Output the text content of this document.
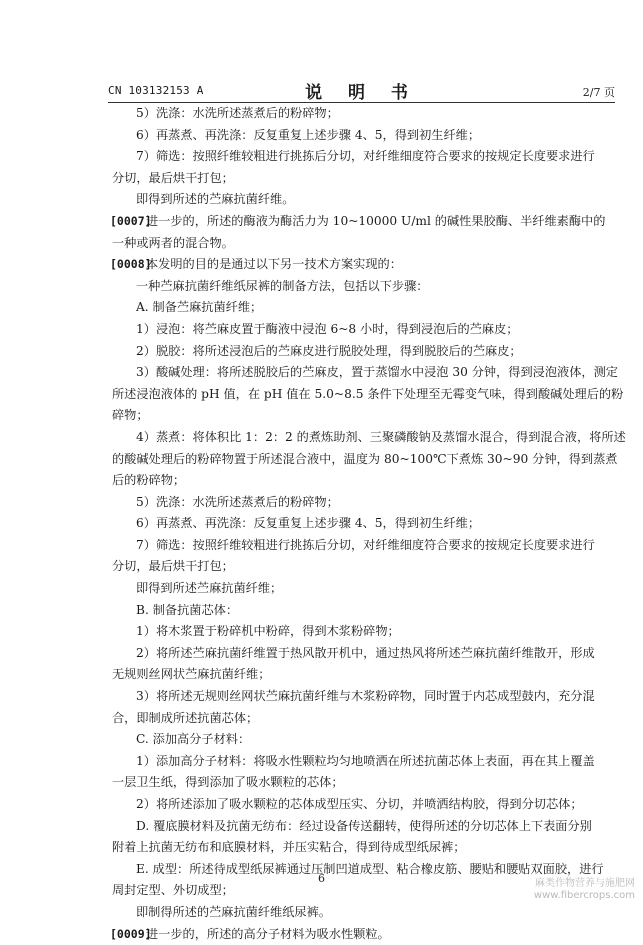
CN 103132153 A	说 明 书	2/7 页
5）洗涤：水洗所述蒸煮后的粉碎物；
6）再蒸煮、再洗涤：反复重复上述步骤 4、5，得到初生纤维；
7）筛选：按照纤维较粗进行挑拣后分切，对纤维细度符合要求的按规定长度要求进行
分切，最后烘干打包；
即得到所述的苎麻抗菌纤维。
[0007]进一步的，所述的酶液为酶活力为 10~10000 U/ml 的碱性果胶酶、半纤维素酶中的
一种或两者的混合物。
[0008]本发明的目的是通过以下另一技术方案实现的：
一种苎麻抗菌纤维纸尿裤的制备方法，包括以下步骤：
A. 制备苎麻抗菌纤维；
1）浸泡：将苎麻皮置于酶液中浸泡 6~8 小时，得到浸泡后的苎麻皮；
2）脱胶：将所述浸泡后的苎麻皮进行脱胶处理，得到脱胶后的苎麻皮；
3）酸碱处理：将所述脱胶后的苎麻皮，置于蒸馏水中浸泡 30 分钟，得到浸泡液体，测定
所述浸泡液体的 pH 值，在 pH 值在 5.0~8.5 条件下处理至无霉变气味，得到酸碱处理后的粉
碎物；
4）蒸煮：将体积比 1：2：2 的煮炼助剂、三聚磷酸钠及蒸馏水混合，得到混合液，将所述
的酸碱处理后的粉碎物置于所述混合液中，温度为 80~100℃下煮炼 30~90 分钟，得到蒸煮
后的粉碎物；
5）洗涤：水洗所述蒸煮后的粉碎物；
6）再蒸煮、再洗涤：反复重复上述步骤 4、5，得到初生纤维；
7）筛选：按照纤维较粗进行挑拣后分切，对纤维细度符合要求的按规定长度要求进行
分切，最后烘干打包；
即得到所述苎麻抗菌纤维；
B. 制备抗菌芯体：
1）将木浆置于粉碎机中粉碎，得到木浆粉碎物；
2）将所述苎麻抗菌纤维置于热风散开机中，通过热风将所述苎麻抗菌纤维散开，形成
无规则丝网状苎麻抗菌纤维；
3）将所述无规则丝网状苎麻抗菌纤维与木浆粉碎物，同时置于内芯成型鼓内，充分混
合，即制成所述抗菌芯体；
C. 添加高分子材料：
1）添加高分子材料：将吸水性颗粒均匀地喷洒在所述抗菌芯体上表面，再在其上覆盖
一层卫生纸，得到添加了吸水颗粒的芯体；
2）将所述添加了吸水颗粒的芯体成型压实、分切，并喷洒结构胶，得到分切芯体；
D. 覆底膜材料及抗菌无纺布：经过设备传送翻转，使得所述的分切芯体上下表面分别
附着上抗菌无纺布和底膜材料，并压实粘合，得到待成型纸尿裤；
E. 成型：所述待成型纸尿裤通过压制凹道成型、粘合橡皮筋、腰贴和腰贴双面胶，进行
周封定型、外切成型；
即制得所述的苎麻抗菌纤维纸尿裤。
[0009]进一步的，所述的高分子材料为吸水性颗粒。
6	麻类作物营养与施肥网
www.fibercrops.com
